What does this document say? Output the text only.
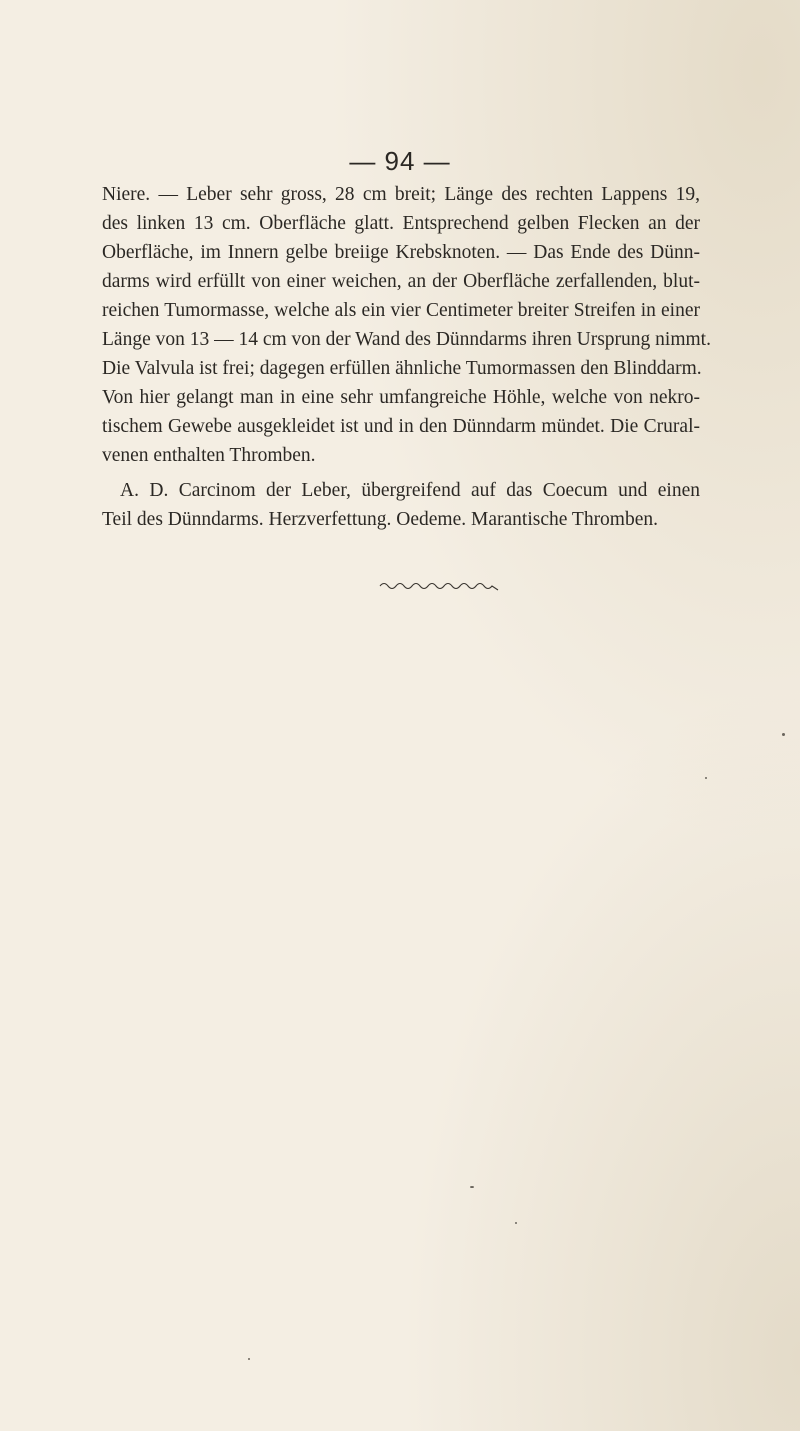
— 94 —
Niere. — Leber sehr gross, 28 cm breit; Länge des rechten Lappens 19,
des linken 13 cm. Oberfläche glatt. Entsprechend gelben Flecken an der
Oberfläche, im Innern gelbe breiige Krebsknoten. — Das Ende des Dünn-
darms wird erfüllt von einer weichen, an der Oberfläche zerfallenden, blut-
reichen Tumormasse, welche als ein vier Centimeter breiter Streifen in einer
Länge von 13 — 14 cm von der Wand des Dünndarms ihren Ursprung nimmt.
Die Valvula ist frei; dagegen erfüllen ähnliche Tumormassen den Blinddarm.
Von hier gelangt man in eine sehr umfangreiche Höhle, welche von nekro-
tischem Gewebe ausgekleidet ist und in den Dünndarm mündet. Die Crural-
venen enthalten Thromben.
A. D. Carcinom der Leber, übergreifend auf das Coecum und einen
Teil des Dünndarms. Herzverfettung. Oedeme. Marantische Thromben.
